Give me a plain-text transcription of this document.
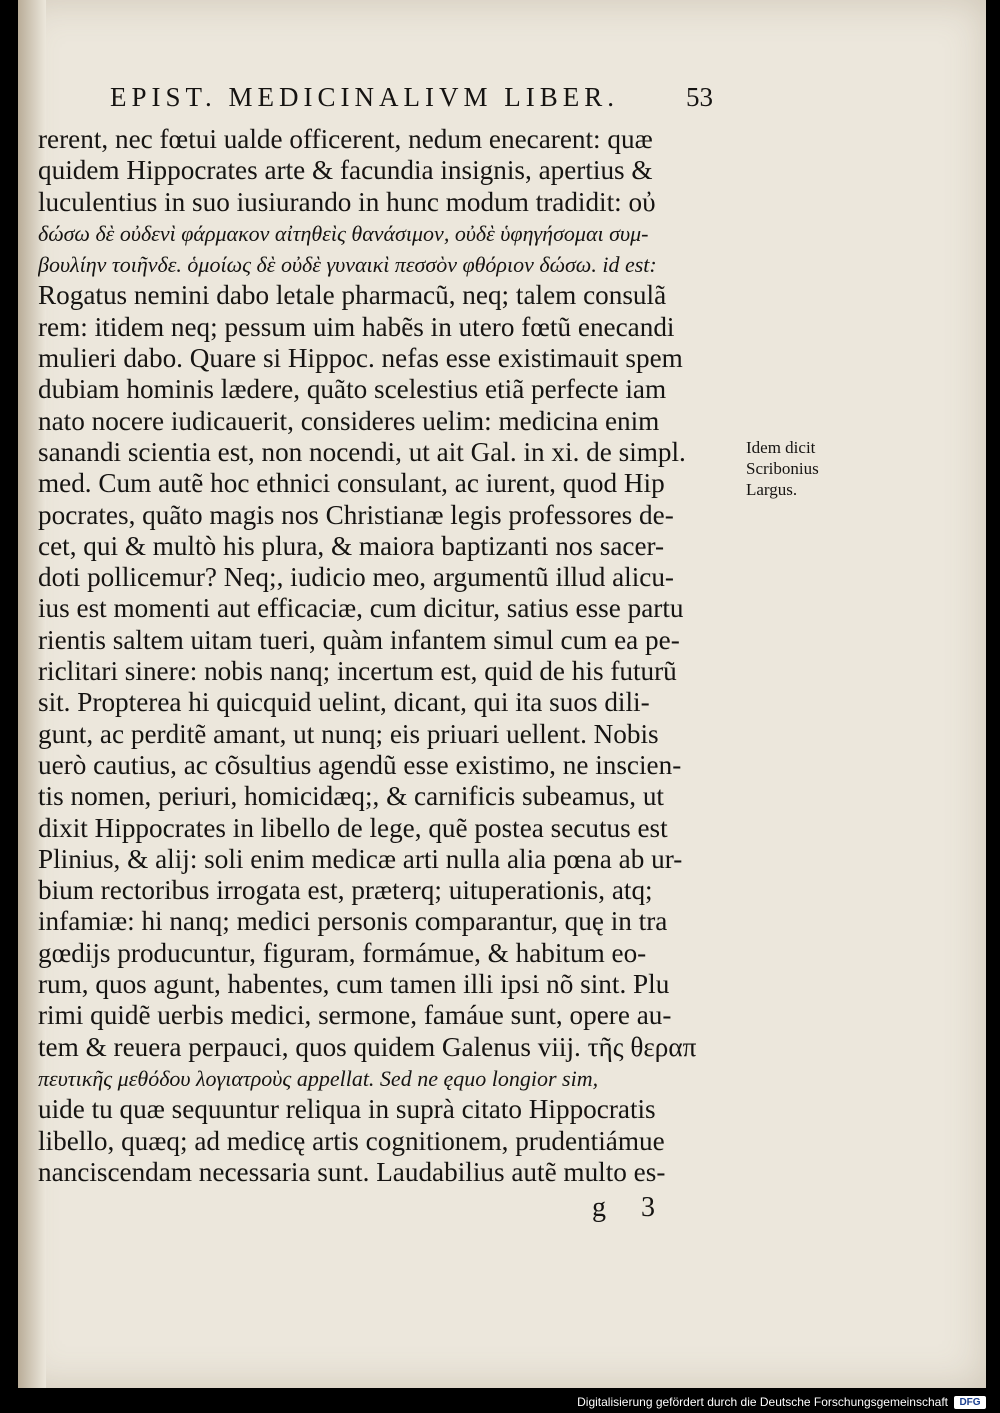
EPIST. MEDICINALIVM LIBER.	53
rerent, nec fœtui ualde officerent, nedum enecarent: quæ
quidem Hippocrates arte & facundia insignis, apertius &
luculentius in suo iusiurando in hunc modum tradidit: οὐ
δώσω δὲ οὐδενὶ φάρμακον αἰτηθεὶς θανάσιμον, οὐδὲ ὑφηγήσομαι συμ-
βουλίην τοιῆνδε. ὁμοίως δὲ οὐδὲ γυναικὶ πεσσὸν φθόριον δώσω. id est:
Rogatus nemini dabo letale pharmacũ, neq; talem consulã
rem: itidem neq; pessum uim habẽs in utero fœtũ enecandi
mulieri dabo. Quare si Hippoc. nefas esse existimauit spem
dubiam hominis lædere, quãto scelestius etiã perfecte iam
nato nocere iudicauerit, consideres uelim: medicina enim
sanandi scientia est, non nocendi, ut ait Gal. in xi. de simpl.
med. Cum autẽ hoc ethnici consulant, ac iurent, quod Hip
pocrates, quãto magis nos Christianæ legis professores de-
cet, qui & multò his plura, & maiora baptizanti nos sacer-
doti pollicemur? Neq;, iudicio meo, argumentũ illud alicu-
ius est momenti aut efficaciæ, cum dicitur, satius esse partu
rientis saltem uitam tueri, quàm infantem simul cum ea pe-
riclitari sinere: nobis nanq; incertum est, quid de his futurũ
sit. Propterea hi quicquid uelint, dicant, qui ita suos dili-
gunt, ac perditẽ amant, ut nunq; eis priuari uellent. Nobis
uerò cautius, ac cõsultius agendũ esse existimo, ne inscien-
tis nomen, periuri, homicidæq;, & carnificis subeamus, ut
dixit Hippocrates in libello de lege, quẽ postea secutus est
Plinius, & alij: soli enim medicæ arti nulla alia pœna ab ur-
bium rectoribus irrogata est, præterq; uituperationis, atq;
infamiæ: hi nanq; medici personis comparantur, quę in tra
gœdijs producuntur, figuram, formámue, & habitum eo-
rum, quos agunt, habentes, cum tamen illi ipsi nõ sint. Plu
rimi quidẽ uerbis medici, sermone, famáue sunt, opere au-
tem & reuera perpauci, quos quidem Galenus viij. τῆς θεραπ
πευτικῆς μεθόδου λογιατροὺς appellat. Sed ne ęquo longior sim,
uide tu quæ sequuntur reliqua in suprà citato Hippocratis
libello, quæq; ad medicę artis cognitionem, prudentiámue
nanciscendam necessaria sunt. Laudabilius autẽ multo es-
Idem dicit
Scribonius
Largus.
g 3
Digitalisierung gefördert durch die Deutsche Forschungsgemeinschaft	DFG
